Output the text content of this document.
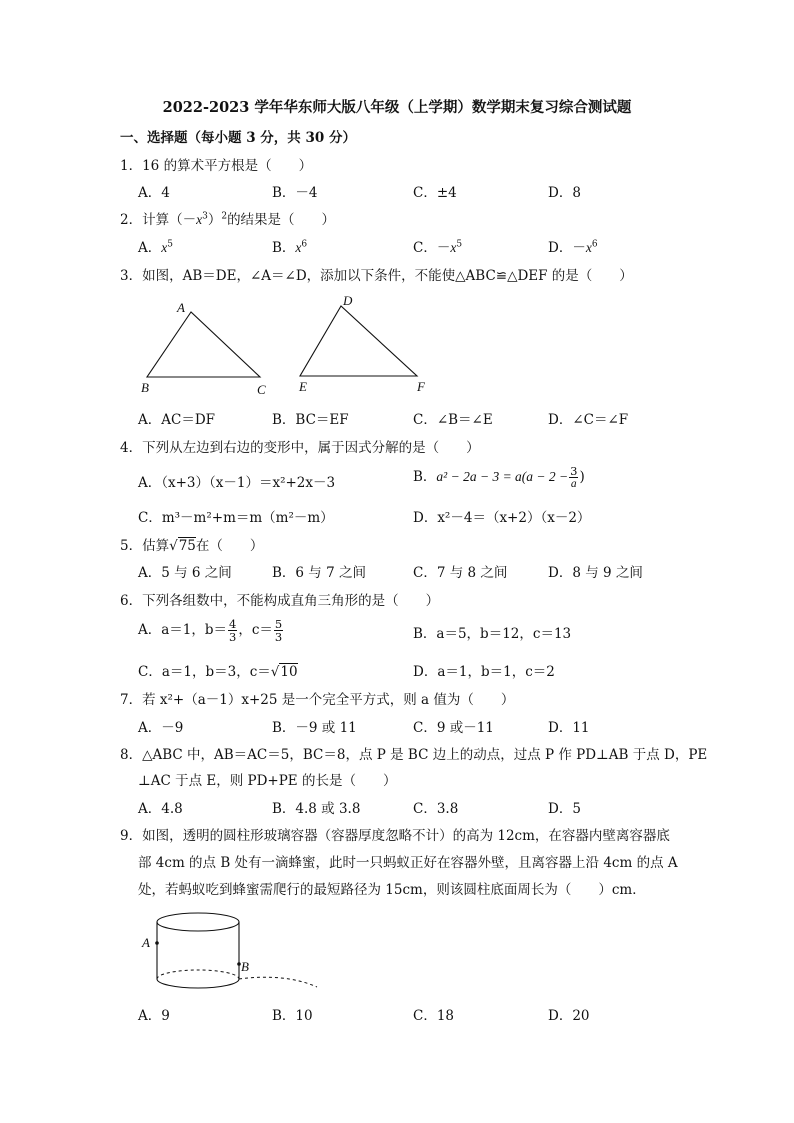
2022-2023 学年华东师大版八年级（上学期）数学期末复习综合测试题
一、选择题（每小题 3 分，共 30 分）
1．16 的算术平方根是（　　）
A．4	B．－4	C．±4	D．8
2．计算$(-x^3)^2$的结果是（　　）
A．$x^5$	B．$x^6$	C．$-x^5$	D．$-x^6$
3．如图，AB＝DE，∠A＝∠D，添加以下条件，不能使△ABC≌△DEF 的是（　　）
A
B	C
D
E	F
A．AC＝DF	B．BC＝EF	C．∠B＝∠E	D．∠C＝∠F
4．下列从左边到右边的变形中，属于因式分解的是（　　）
A．（x+3）（x－1）＝x²+2x－3	B．$a^2 - 2a - 3 = a(a - 2 - \frac{3}{a}$ )
C．m³－m²+m＝m（m²－m）	D．x²－4＝（x+2）（x－2）
5．估算√75在（　　）
A．5 与 6 之间	B．6 与 7 之间	C．7 与 8 之间	D．8 与 9 之间
6．下列各组数中，不能构成直角三角形的是（　　）
A．a＝1，$b= \frac{4}{3}$ ，$c= \frac{5}{3}$	B．a＝5，b＝12，c＝13
C．a＝1，b＝3，c＝√10	D．a＝1，b＝1，c＝2
7．若 x²+（a－1）x+25 是一个完全平方式，则 a 值为（　　）
A．－9	B．－9 或 11	C．9 或－11	D．11
8．△ABC 中，AB＝AC＝5，BC＝8，点 P 是 BC 边上的动点，过点 P 作 PD⊥AB 于点 D，PE
⊥AC 于点 E，则 PD+PE 的长是（　　）
A．4.8	B．4.8 或 3.8	C．3.8	D．5
9．如图，透明的圆柱形玻璃容器（容器厚度忽略不计）的高为 12cm，在容器内壁离容器底
部 4cm 的点 B 处有一滴蜂蜜，此时一只蚂蚁正好在容器外壁，且离容器上沿 4cm 的点 A
处，若蚂蚁吃到蜂蜜需爬行的最短路径为 15cm，则该圆柱底面周长为（　　）cm．
A
B
A．9	B．10	C．18	D．20
